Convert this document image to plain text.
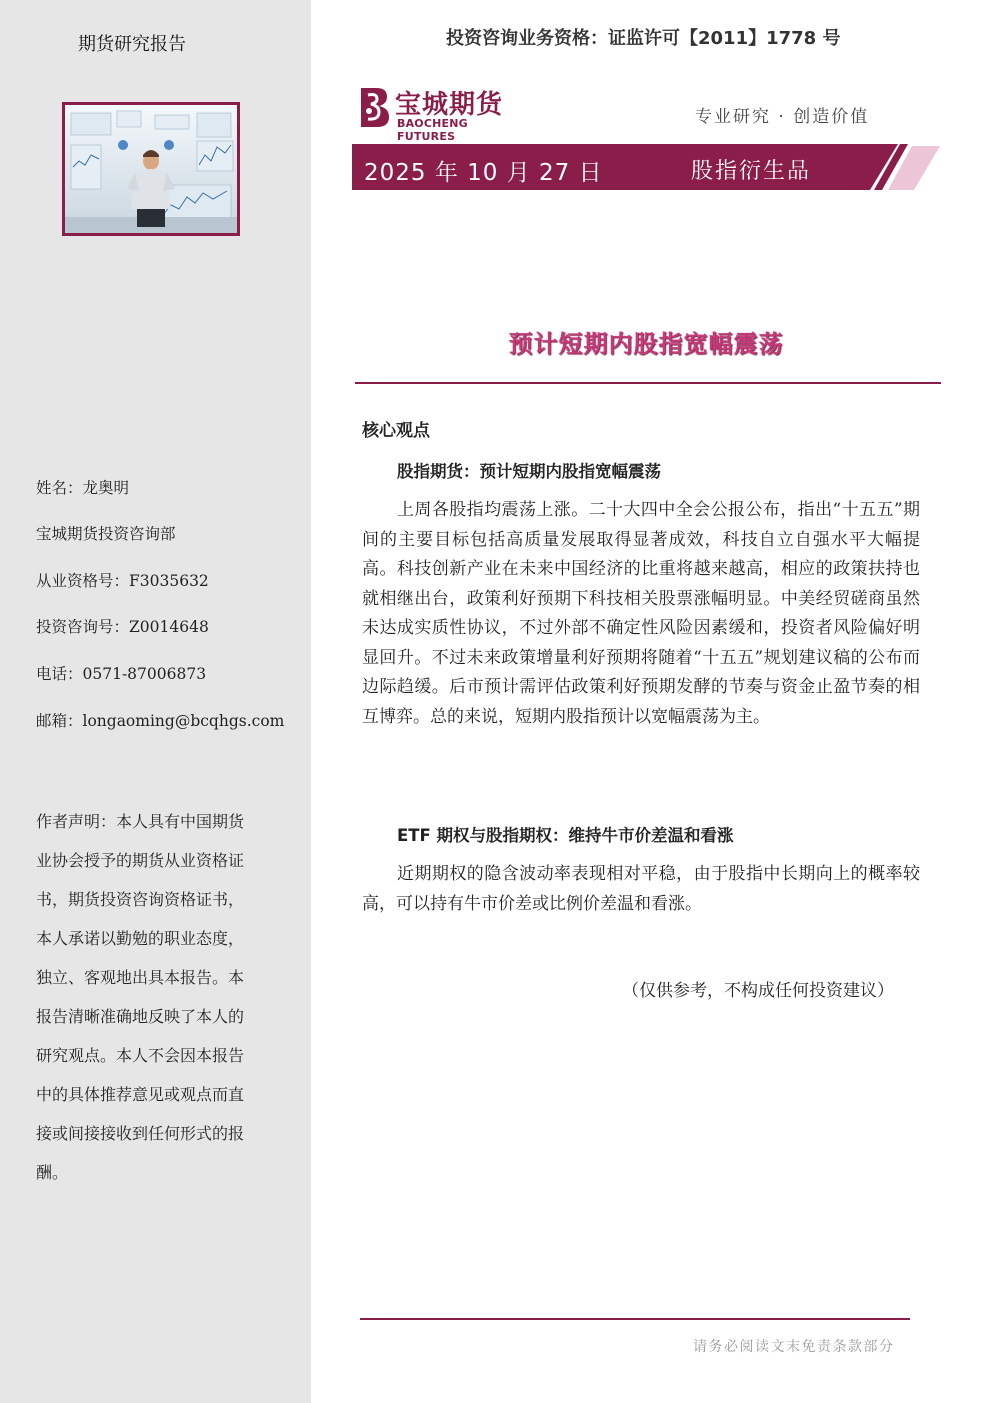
期货研究报告
姓名：龙奥明
宝城期货投资咨询部
从业资格号：F3035632
投资咨询号：Z0014648
电话：0571-87006873
邮箱：longaoming@bcqhgs.com
作者声明：本人具有中国期货
业协会授予的期货从业资格证
书，期货投资咨询资格证书，
本人承诺以勤勉的职业态度，
独立、客观地出具本报告。本
报告清晰准确地反映了本人的
研究观点。本人不会因本报告
中的具体推荐意见或观点而直
接或间接接收到任何形式的报
酬。
投资咨询业务资格：证监许可【2011】1778 号
宝城期货
BAOCHENG FUTURES
专业研究 · 创造价值
2025 年 10 月 27 日	股指衍生品
预计短期内股指宽幅震荡
核心观点
股指期货：预计短期内股指宽幅震荡
上周各股指均震荡上涨。二十大四中全会公报公布，指出“十五五”期间的主要目标包括高质量发展取得显著成效，科技自立自强水平大幅提高。科技创新产业在未来中国经济的比重将越来越高，相应的政策扶持也就相继出台，政策利好预期下科技相关股票涨幅明显。中美经贸磋商虽然未达成实质性协议，不过外部不确定性风险因素缓和，投资者风险偏好明显回升。不过未来政策增量利好预期将随着“十五五”规划建议稿的公布而边际趋缓。后市预计需评估政策利好预期发酵的节奏与资金止盈节奏的相互博弈。总的来说，短期内股指预计以宽幅震荡为主。
ETF 期权与股指期权：维持牛市价差温和看涨
近期期权的隐含波动率表现相对平稳，由于股指中长期向上的概率较高，可以持有牛市价差或比例价差温和看涨。
（仅供参考，不构成任何投资建议）
请务必阅读文末免责条款部分
